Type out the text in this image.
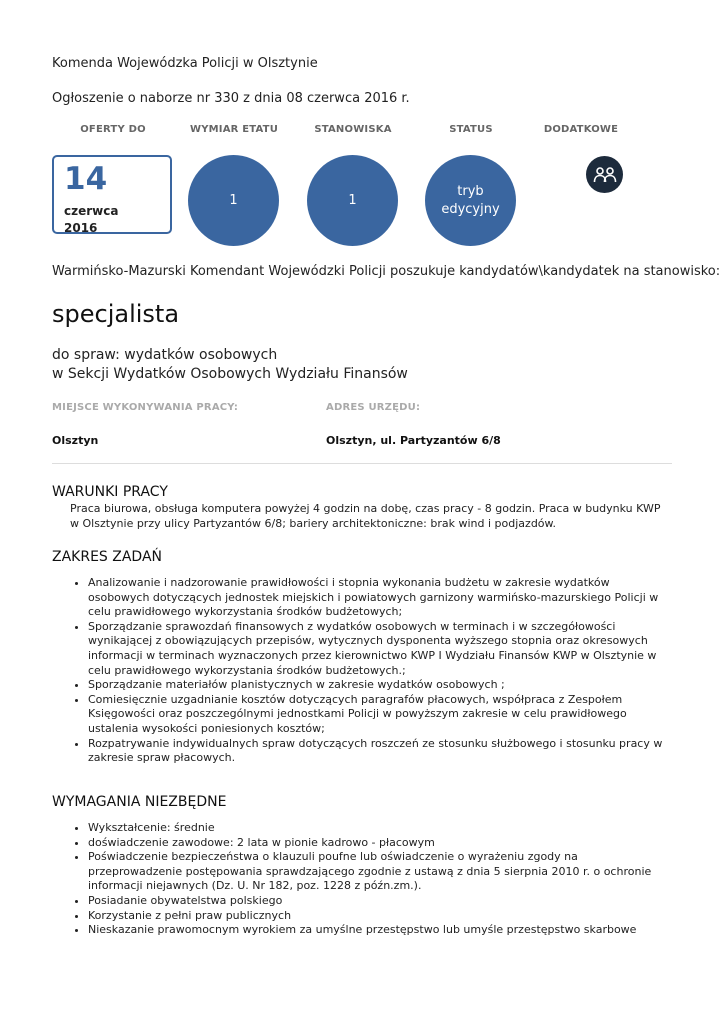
Komenda Wojewódzka Policji w Olsztynie
Ogłoszenie o naborze nr 330 z dnia 08 czerwca 2016 r.
OFERTY DO	WYMIAR ETATU	STANOWISKA	STATUS	DODATKOWE
14
czerwca
2016
1	1
tryb
edycyjny
Warmińsko-Mazurski Komendant Wojewódzki Policji poszukuje kandydatów\kandydatek na stanowisko:
specjalista
do spraw: wydatków osobowych
w Sekcji Wydatków Osobowych Wydziału Finansów
MIEJSCE WYKONYWANIA PRACY:	ADRES URZĘDU:
Olsztyn	Olsztyn, ul. Partyzantów 6/8
WARUNKI PRACY
Praca biurowa, obsługa komputera powyżej 4 godzin na dobę, czas pracy - 8 godzin. Praca w budynku KWP w Olsztynie przy ulicy Partyzantów 6/8; bariery architektoniczne: brak wind i podjazdów.
ZAKRES ZADAŃ
• Analizowanie i nadzorowanie prawidłowości i stopnia wykonania budżetu w zakresie wydatków osobowych dotyczących jednostek miejskich i powiatowych garnizony warmińsko-mazurskiego Policji w celu prawidłowego wykorzystania środków budżetowych;
• Sporządzanie sprawozdań finansowych z wydatków osobowych w terminach i w szczegółowości wynikającej z obowiązujących przepisów, wytycznych dysponenta wyższego stopnia oraz okresowych informacji w terminach wyznaczonych przez kierownictwo KWP I Wydziału Finansów KWP w Olsztynie w celu prawidłowego wykorzystania środków budżetowych.;
• Sporządzanie materiałów planistycznych w zakresie wydatków osobowych ;
• Comiesięcznie uzgadnianie kosztów dotyczących paragrafów płacowych, współpraca z Zespołem Księgowości oraz poszczególnymi jednostkami Policji w powyższym zakresie w celu prawidłowego ustalenia wysokości poniesionych kosztów;
• Rozpatrywanie indywidualnych spraw dotyczących roszczeń ze stosunku służbowego i stosunku pracy w zakresie spraw płacowych.
WYMAGANIA NIEZBĘDNE
• Wykształcenie: średnie
• doświadczenie zawodowe: 2 lata w pionie kadrowo - płacowym
• Poświadczenie bezpieczeństwa o klauzuli poufne lub oświadczenie o wyrażeniu zgody na przeprowadzenie postępowania sprawdzającego zgodnie z ustawą z dnia 5 sierpnia 2010 r. o ochronie informacji niejawnych (Dz. U. Nr 182, poz. 1228 z późn.zm.).
• Posiadanie obywatelstwa polskiego
• Korzystanie z pełni praw publicznych
• Nieskazanie prawomocnym wyrokiem za umyślne przestępstwo lub umyśle przestępstwo skarbowe
